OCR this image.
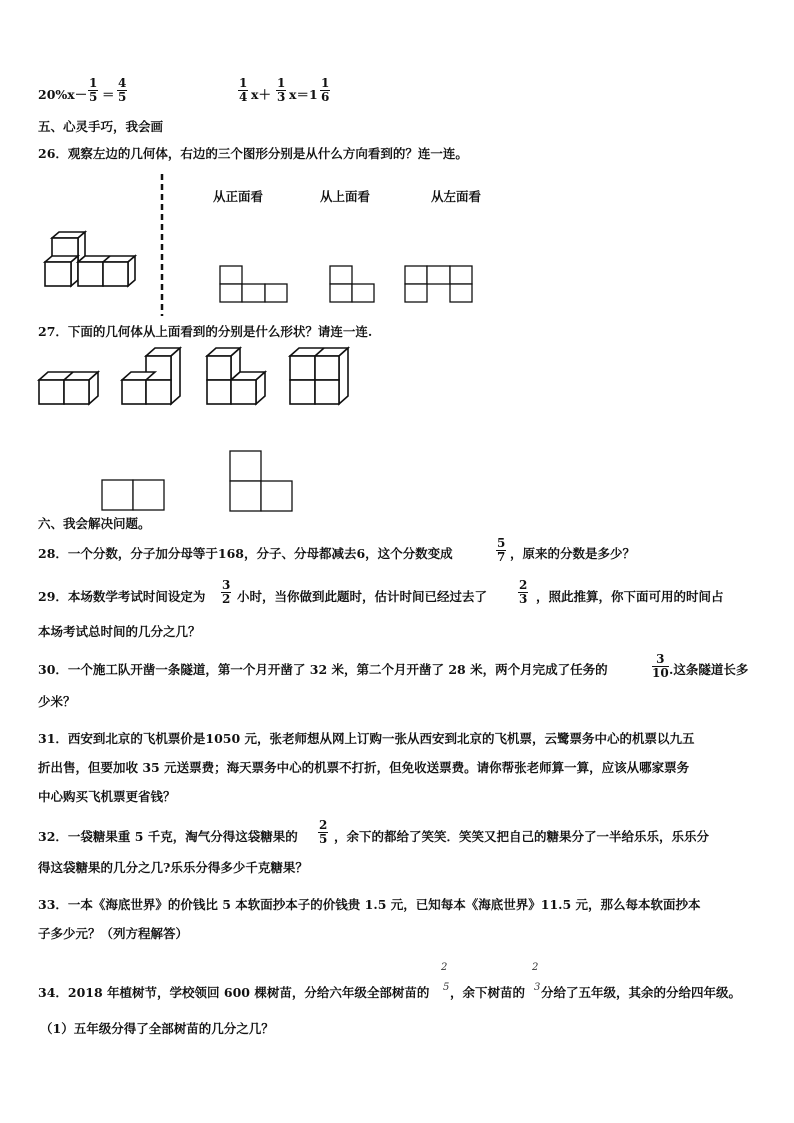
$20\%x- \frac{1}{5} = \frac{4}{5}$	$\frac{1}{4} x+ \frac{1}{3} x=1 \frac{1}{6}$
五、心灵手巧，我会画
26．观察左边的几何体，右边的三个图形分别是从什么方向看到的？连一连。
从正面看	从上面看	从左面看
27．下面的几何体从上面看到的分别是什么形状？请连一连.
六、我会解决问题。
28．一个分数，分子加分母等于168，分子、分母都减去6，这个分数变成	$\frac{5}{7}$ ，原来的分数是多少？
29．本场数学考试时间设定为 $\frac{3}{2}$ 小时，当你做到此题时，估计时间已经过去了	$\frac{2}{3}$ ，照此推算，你下面可用的时间占
本场考试总时间的几分之几？
30．一个施工队开凿一条隧道，第一个月开凿了 32 米，第二个月开凿了 28 米，两个月完成了任务的	$\frac{3}{10}$ .这条隧道长多
少米？
31．西安到北京的飞机票价是1050 元，张老师想从网上订购一张从西安到北京的飞机票，云鹭票务中心的机票以九五
折出售，但要加收 35 元送票费；海天票务中心的机票不打折，但免收送票费。请你帮张老师算一算，应该从哪家票务
中心购买飞机票更省钱？
32．一袋糖果重 5 千克，淘气分得这袋糖果的 $\frac{2}{5}$ ，余下的都给了笑笑．笑笑又把自己的糖果分了一半给乐乐，乐乐分
得这袋糖果的几分之几?乐乐分得多少千克糖果？
33．一本《海底世界》的价钱比 5 本软面抄本子的价钱贵 1.5 元，已知每本《海底世界》11.5 元，那么每本软面抄本
子多少元？（列方程解答）
34．2018 年植树节，学校领回 600 棵树苗，分给六年级全部树苗的
2
5 ，余下树苗的
2
3 分给了五年级，其余的分给四年级。
（1）五年级分得了全部树苗的几分之几？
